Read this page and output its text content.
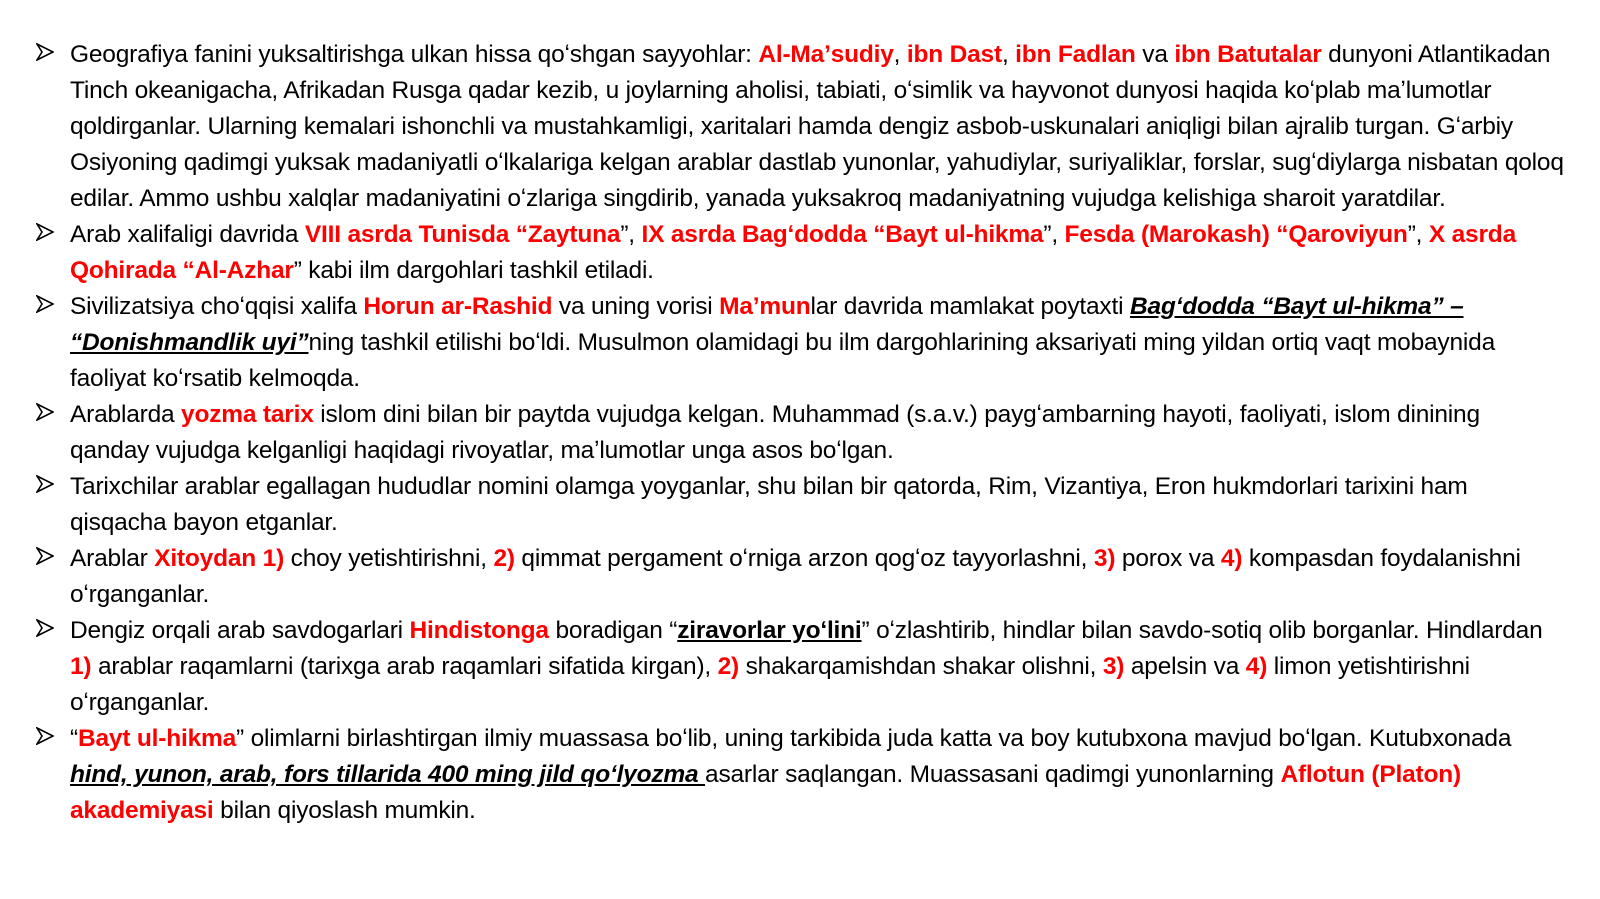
Geografiya fanini yuksaltirishga ulkan hissa qoʻshgan sayyohlar: Al-Maʼsudiy, ibn Dast, ibn Fadlan va ibn Batutalar dunyoni Atlantikadan Tinch okeanigacha, Afrikadan Rusga qadar kezib, u joylarning aholisi, tabiati, oʻsimlik va hayvonot dunyosi haqida koʻplab maʼlumotlar qoldirganlar. Ularning kemalari ishonchli va mustahkamligi, xaritalari hamda dengiz asbob-uskunalari aniqligi bilan ajralib turgan. Gʻarbiy Osiyoning qadimgi yuksak madaniyatli oʻlkalariga kelgan arablar dastlab yunonlar, yahudiylar, suriyaliklar, forslar, sugʻdiylarga nisbatan qoloq edilar. Ammo ushbu xalqlar madaniyatini oʻzlariga singdirib, yanada yuksakroq madaniyatning vujudga kelishiga sharoit yaratdilar.
Arab xalifaligi davrida VIII asrda Tunisda “Zaytuna”, IX asrda Bagʻdodda “Bayt ul-hikma”, Fesda (Marokash) “Qaroviyun”, X asrda Qohirada “Al-Azhar” kabi ilm dargohlari tashkil etiladi.
Sivilizatsiya choʻqqisi xalifa Horun ar-Rashid va uning vorisi Maʼmunlar davrida mamlakat poytaxti Bagʻdodda “Bayt ul-hikma” – “Donishmandlik uyi”ning tashkil etilishi boʻldi. Musulmon olamidagi bu ilm dargohlarining aksariyati ming yildan ortiq vaqt mobaynida faoliyat koʻrsatib kelmoqda.
Arablarda yozma tarix islom dini bilan bir paytda vujudga kelgan. Muhammad (s.a.v.) paygʻambarning hayoti, faoliyati, islom dinining qanday vujudga kelganligi haqidagi rivoyatlar, maʼlumotlar unga asos boʻlgan.
Tarixchilar arablar egallagan hududlar nomini olamga yoyganlar, shu bilan bir qatorda, Rim, Vizantiya, Eron hukmdorlari tarixini ham qisqacha bayon etganlar.
Arablar Xitoydan 1) choy yetishtirishni, 2) qimmat pergament oʻrniga arzon qogʻoz tayyorlashni, 3) porox va 4) kompasdan foydalanishni oʻrganganlar.
Dengiz orqali arab savdogarlari Hindistonga boradigan “ziravorlar yoʻlini” oʻzlashtirib, hindlar bilan savdo-sotiq olib borganlar. Hindlardan 1) arablar raqamlarni (tarixga arab raqamlari sifatida kirgan), 2) shakarqamishdan shakar olishni, 3) apelsin va 4) limon yetishtirishni oʻrganganlar.
“Bayt ul-hikma” olimlarni birlashtirgan ilmiy muassasa boʻlib, uning tarkibida juda katta va boy kutubxona mavjud boʻlgan. Kutubxonada hind, yunon, arab, fors tillarida 400 ming jild qoʻlyozma asarlar saqlangan. Muassasani qadimgi yunonlarning Aflotun (Platon) akademiyasi bilan qiyoslash mumkin.
